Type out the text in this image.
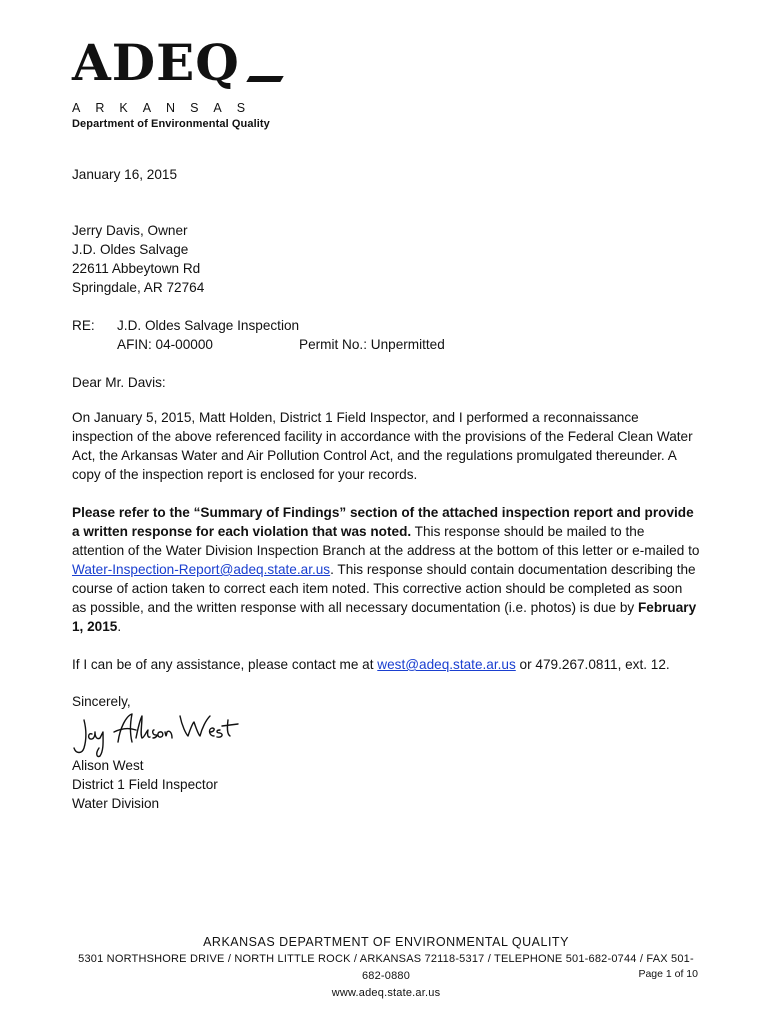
ADEQ
ARKANSAS
Department of Environmental Quality
January 16, 2015
Jerry Davis, Owner
J.D. Oldes Salvage
22611 Abbeytown Rd
Springdale, AR 72764
RE: J.D. Oldes Salvage Inspection
AFIN: 04-00000	Permit No.: Unpermitted
Dear Mr. Davis:

On January 5, 2015, Matt Holden, District 1 Field Inspector, and I performed a reconnaissance inspection of the above referenced facility in accordance with the provisions of the Federal Clean Water Act, the Arkansas Water and Air Pollution Control Act, and the regulations promulgated thereunder. A copy of the inspection report is enclosed for your records.

Please refer to the “Summary of Findings” section of the attached inspection report and provide a written response for each violation that was noted. This response should be mailed to the attention of the Water Division Inspection Branch at the address at the bottom of this letter or e-mailed to Water-Inspection-Report@adeq.state.ar.us. This response should contain documentation describing the course of action taken to correct each item noted. This corrective action should be completed as soon as possible, and the written response with all necessary documentation (i.e. photos) is due by February 1, 2015.

If I can be of any assistance, please contact me at west@adeq.state.ar.us or 479.267.0811, ext. 12.

Sincerely,
Alison West
District 1 Field Inspector
Water Division
ARKANSAS DEPARTMENT OF ENVIRONMENTAL QUALITY
5301 NORTHSHORE DRIVE / NORTH LITTLE ROCK / ARKANSAS 72118-5317 / TELEPHONE 501-682-0744 / FAX 501-682-0880
www.adeq.state.ar.us
Page 1 of 10
